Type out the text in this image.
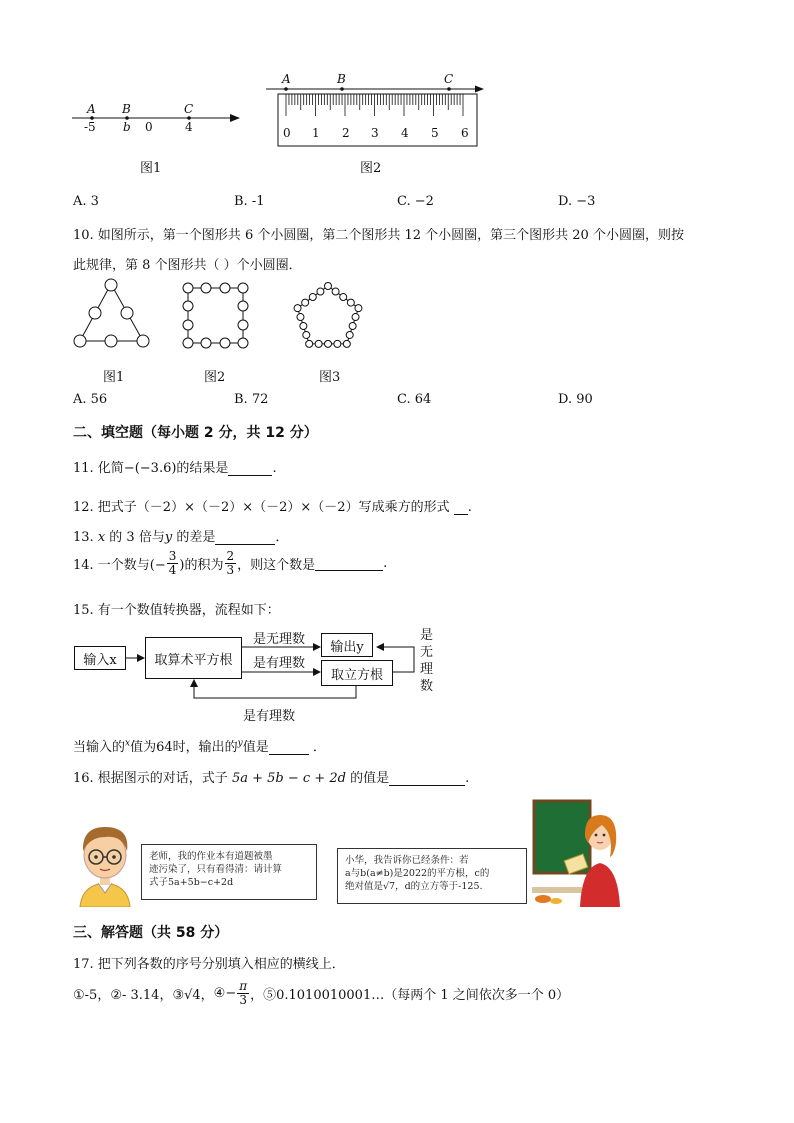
A B	C
-5 b 0	4
图1
A	B	C
0 1 2 3 4 5 6
图2
A. 3	B. -1	C. −2	D. −3
10. 如图所示，第一个图形共 6 个小圆圈，第二个图形共 12 个小圆圈，第三个图形共 20 个小圆圈，则按
此规律，第 8 个图形共（ ）个小圆圈．
图1	图2	图3
A. 56	B. 72	C. 64	D. 90
二、填空题（每小题 2 分，共 12 分）
11. 化简−(−3.6)的结果是	.
12. 把式子（－2）×（－2）×（－2）×（－2）写成乘方的形式 .
13. x 的 3 倍与y 的差是	．
14. 一个数与(− $\frac{3}{4}$ )的积为 $\frac{2}{3}$ ，则这个数是	.
15. 有一个数值转换器，流程如下：
输入x	取算术平方根
输出y
取立方根
是无理数
是有理数
是有理数
是
无
理
数
当输入的$^x$值为64时，输出的$^y$值是	．
16. 根据图示的对话，式子 5a + 5b − c + 2d 的值是	.
老师，我的作业本有道题被墨
迹污染了，只有看得清：请计算
式子5a+5b−c+2d
小华，我告诉你已经条件：若
a与b(a≠b)是2022的平方根，c的
绝对值是√7，d的立方等于-125.
三、解答题（共 58 分）
17. 把下列各数的序号分别填入相应的横线上．
①-5， ②- 3.14， ③√4， ④− $\frac{\pi}{3}$ ，⑤0.1010010001…（每两个 1 之间依次多一个 0）
